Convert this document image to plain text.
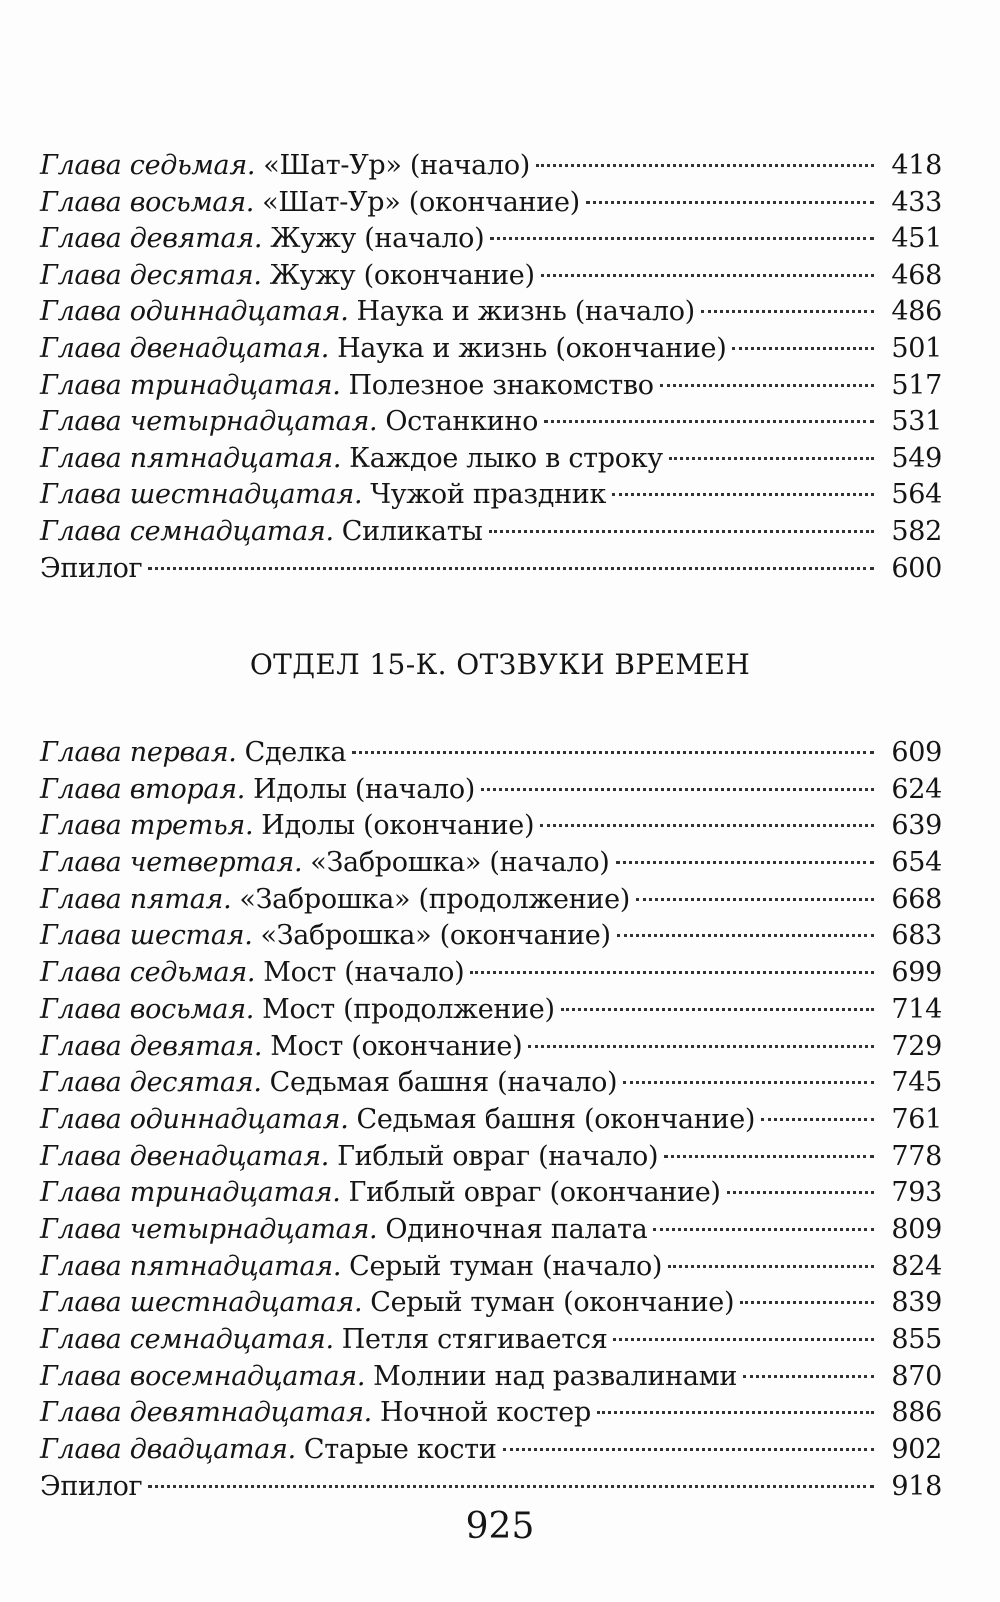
Глава седьмая. «Шат-Ур» (начало)	418
Глава восьмая. «Шат-Ур» (окончание)	433
Глава девятая. Жужу (начало)	451
Глава десятая. Жужу (окончание)	468
Глава одиннадцатая. Наука и жизнь (начало)	486
Глава двенадцатая. Наука и жизнь (окончание)	501
Глава тринадцатая. Полезное знакомство	517
Глава четырнадцатая. Останкино	531
Глава пятнадцатая. Каждое лыко в строку	549
Глава шестнадцатая. Чужой праздник	564
Глава семнадцатая. Силикаты	582
Эпилог	600
ОТДЕЛ 15-К. ОТЗВУКИ ВРЕМЕН
Глава первая. Сделка	609
Глава вторая. Идолы (начало)	624
Глава третья. Идолы (окончание)	639
Глава четвертая. «Заброшка» (начало)	654
Глава пятая. «Заброшка» (продолжение)	668
Глава шестая. «Заброшка» (окончание)	683
Глава седьмая. Мост (начало)	699
Глава восьмая. Мост (продолжение)	714
Глава девятая. Мост (окончание)	729
Глава десятая. Седьмая башня (начало)	745
Глава одиннадцатая. Седьмая башня (окончание)	761
Глава двенадцатая. Гиблый овраг (начало)	778
Глава тринадцатая. Гиблый овраг (окончание)	793
Глава четырнадцатая. Одиночная палата	809
Глава пятнадцатая. Серый туман (начало)	824
Глава шестнадцатая. Серый туман (окончание)	839
Глава семнадцатая. Петля стягивается	855
Глава восемнадцатая. Молнии над развалинами	870
Глава девятнадцатая. Ночной костер	886
Глава двадцатая. Старые кости	902
Эпилог	918
925
